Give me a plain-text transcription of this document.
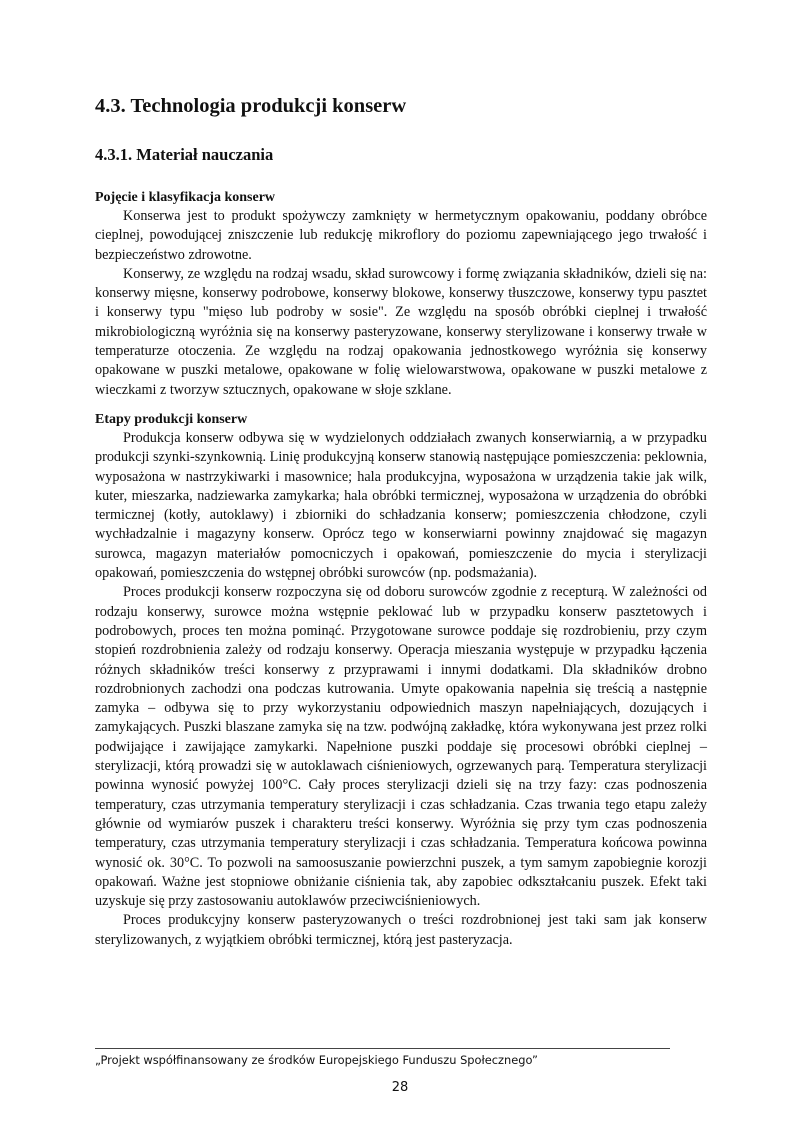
4.3. Technologia produkcji konserw
4.3.1. Materiał nauczania
Pojęcie i klasyfikacja konserw

Konserwa jest to produkt spożywczy zamknięty w hermetycznym opakowaniu, poddany obróbce cieplnej, powodującej zniszczenie lub redukcję mikroflory do poziomu zapewniającego jego trwałość i bezpieczeństwo zdrowotne.

Konserwy, ze względu na rodzaj wsadu, skład surowcowy i formę związania składników, dzieli się na: konserwy mięsne, konserwy podrobowe, konserwy blokowe, konserwy tłuszczowe, konserwy typu pasztet i konserwy typu "mięso lub podroby w sosie". Ze względu na sposób obróbki cieplnej i trwałość mikrobiologiczną wyróżnia się na konserwy pasteryzowane, konserwy sterylizowane i konserwy trwałe w temperaturze otoczenia. Ze względu na rodzaj opakowania jednostkowego wyróżnia się konserwy opakowane w puszki metalowe, opakowane w folię wielowarstwowa, opakowane w puszki metalowe z wieczkami z tworzyw sztucznych, opakowane w słoje szklane.

Etapy produkcji konserw

Produkcja konserw odbywa się w wydzielonych oddziałach zwanych konserwiarnią, a w przypadku produkcji szynki-szynkownią. Linię produkcyjną konserw stanowią następujące pomieszczenia: peklownia, wyposażona w nastrzykiwarki i masownice; hala produkcyjna, wyposażona w urządzenia takie jak wilk, kuter, mieszarka, nadziewarka zamykarka; hala obróbki termicznej, wyposażona w urządzenia do obróbki termicznej (kotły, autoklawy) i zbiorniki do schładzania konserw; pomieszczenia chłodzone, czyli wychładzalnie i magazyny konserw. Oprócz tego w konserwiarni powinny znajdować się magazyn surowca, magazyn materiałów pomocniczych i opakowań, pomieszczenie do mycia i sterylizacji opakowań, pomieszczenia do wstępnej obróbki surowców (np. podsmażania).

Proces produkcji konserw rozpoczyna się od doboru surowców zgodnie z recepturą. W zależności od rodzaju konserwy, surowce można wstępnie peklować lub w przypadku konserw pasztetowych i podrobowych, proces ten można pominąć. Przygotowane surowce poddaje się rozdrobieniu, przy czym stopień rozdrobnienia zależy od rodzaju konserwy. Operacja mieszania występuje w przypadku łączenia różnych składników treści konserwy z przyprawami i innymi dodatkami. Dla składników drobno rozdrobnionych zachodzi ona podczas kutrowania. Umyte opakowania napełnia się treścią a następnie zamyka – odbywa się to przy wykorzystaniu odpowiednich maszyn napełniających, dozujących i zamykających. Puszki blaszane zamyka się na tzw. podwójną zakładkę, która wykonywana jest przez rolki podwijające i zawijające zamykarki. Napełnione puszki poddaje się procesowi obróbki cieplnej – sterylizacji, którą prowadzi się w autoklawach ciśnieniowych, ogrzewanych parą. Temperatura sterylizacji powinna wynosić powyżej 100°C. Cały proces sterylizacji dzieli się na trzy fazy: czas podnoszenia temperatury, czas utrzymania temperatury sterylizacji i czas schładzania. Czas trwania tego etapu zależy głównie od wymiarów puszek i charakteru treści konserwy. Wyróżnia się przy tym czas podnoszenia temperatury, czas utrzymania temperatury sterylizacji i czas schładzania. Temperatura końcowa powinna wynosić ok. 30°C. To pozwoli na samoosuszanie powierzchni puszek, a tym samym zapobiegnie korozji opakowań. Ważne jest stopniowe obniżanie ciśnienia tak, aby zapobiec odkształcaniu puszek. Efekt taki uzyskuje się przy zastosowaniu autoklawów przeciwciśnieniowych.

Proces produkcyjny konserw pasteryzowanych o treści rozdrobnionej jest taki sam jak konserw sterylizowanych, z wyjątkiem obróbki termicznej, którą jest pasteryzacja.

„Projekt współfinansowany ze środków Europejskiego Funduszu Społecznego”
28
